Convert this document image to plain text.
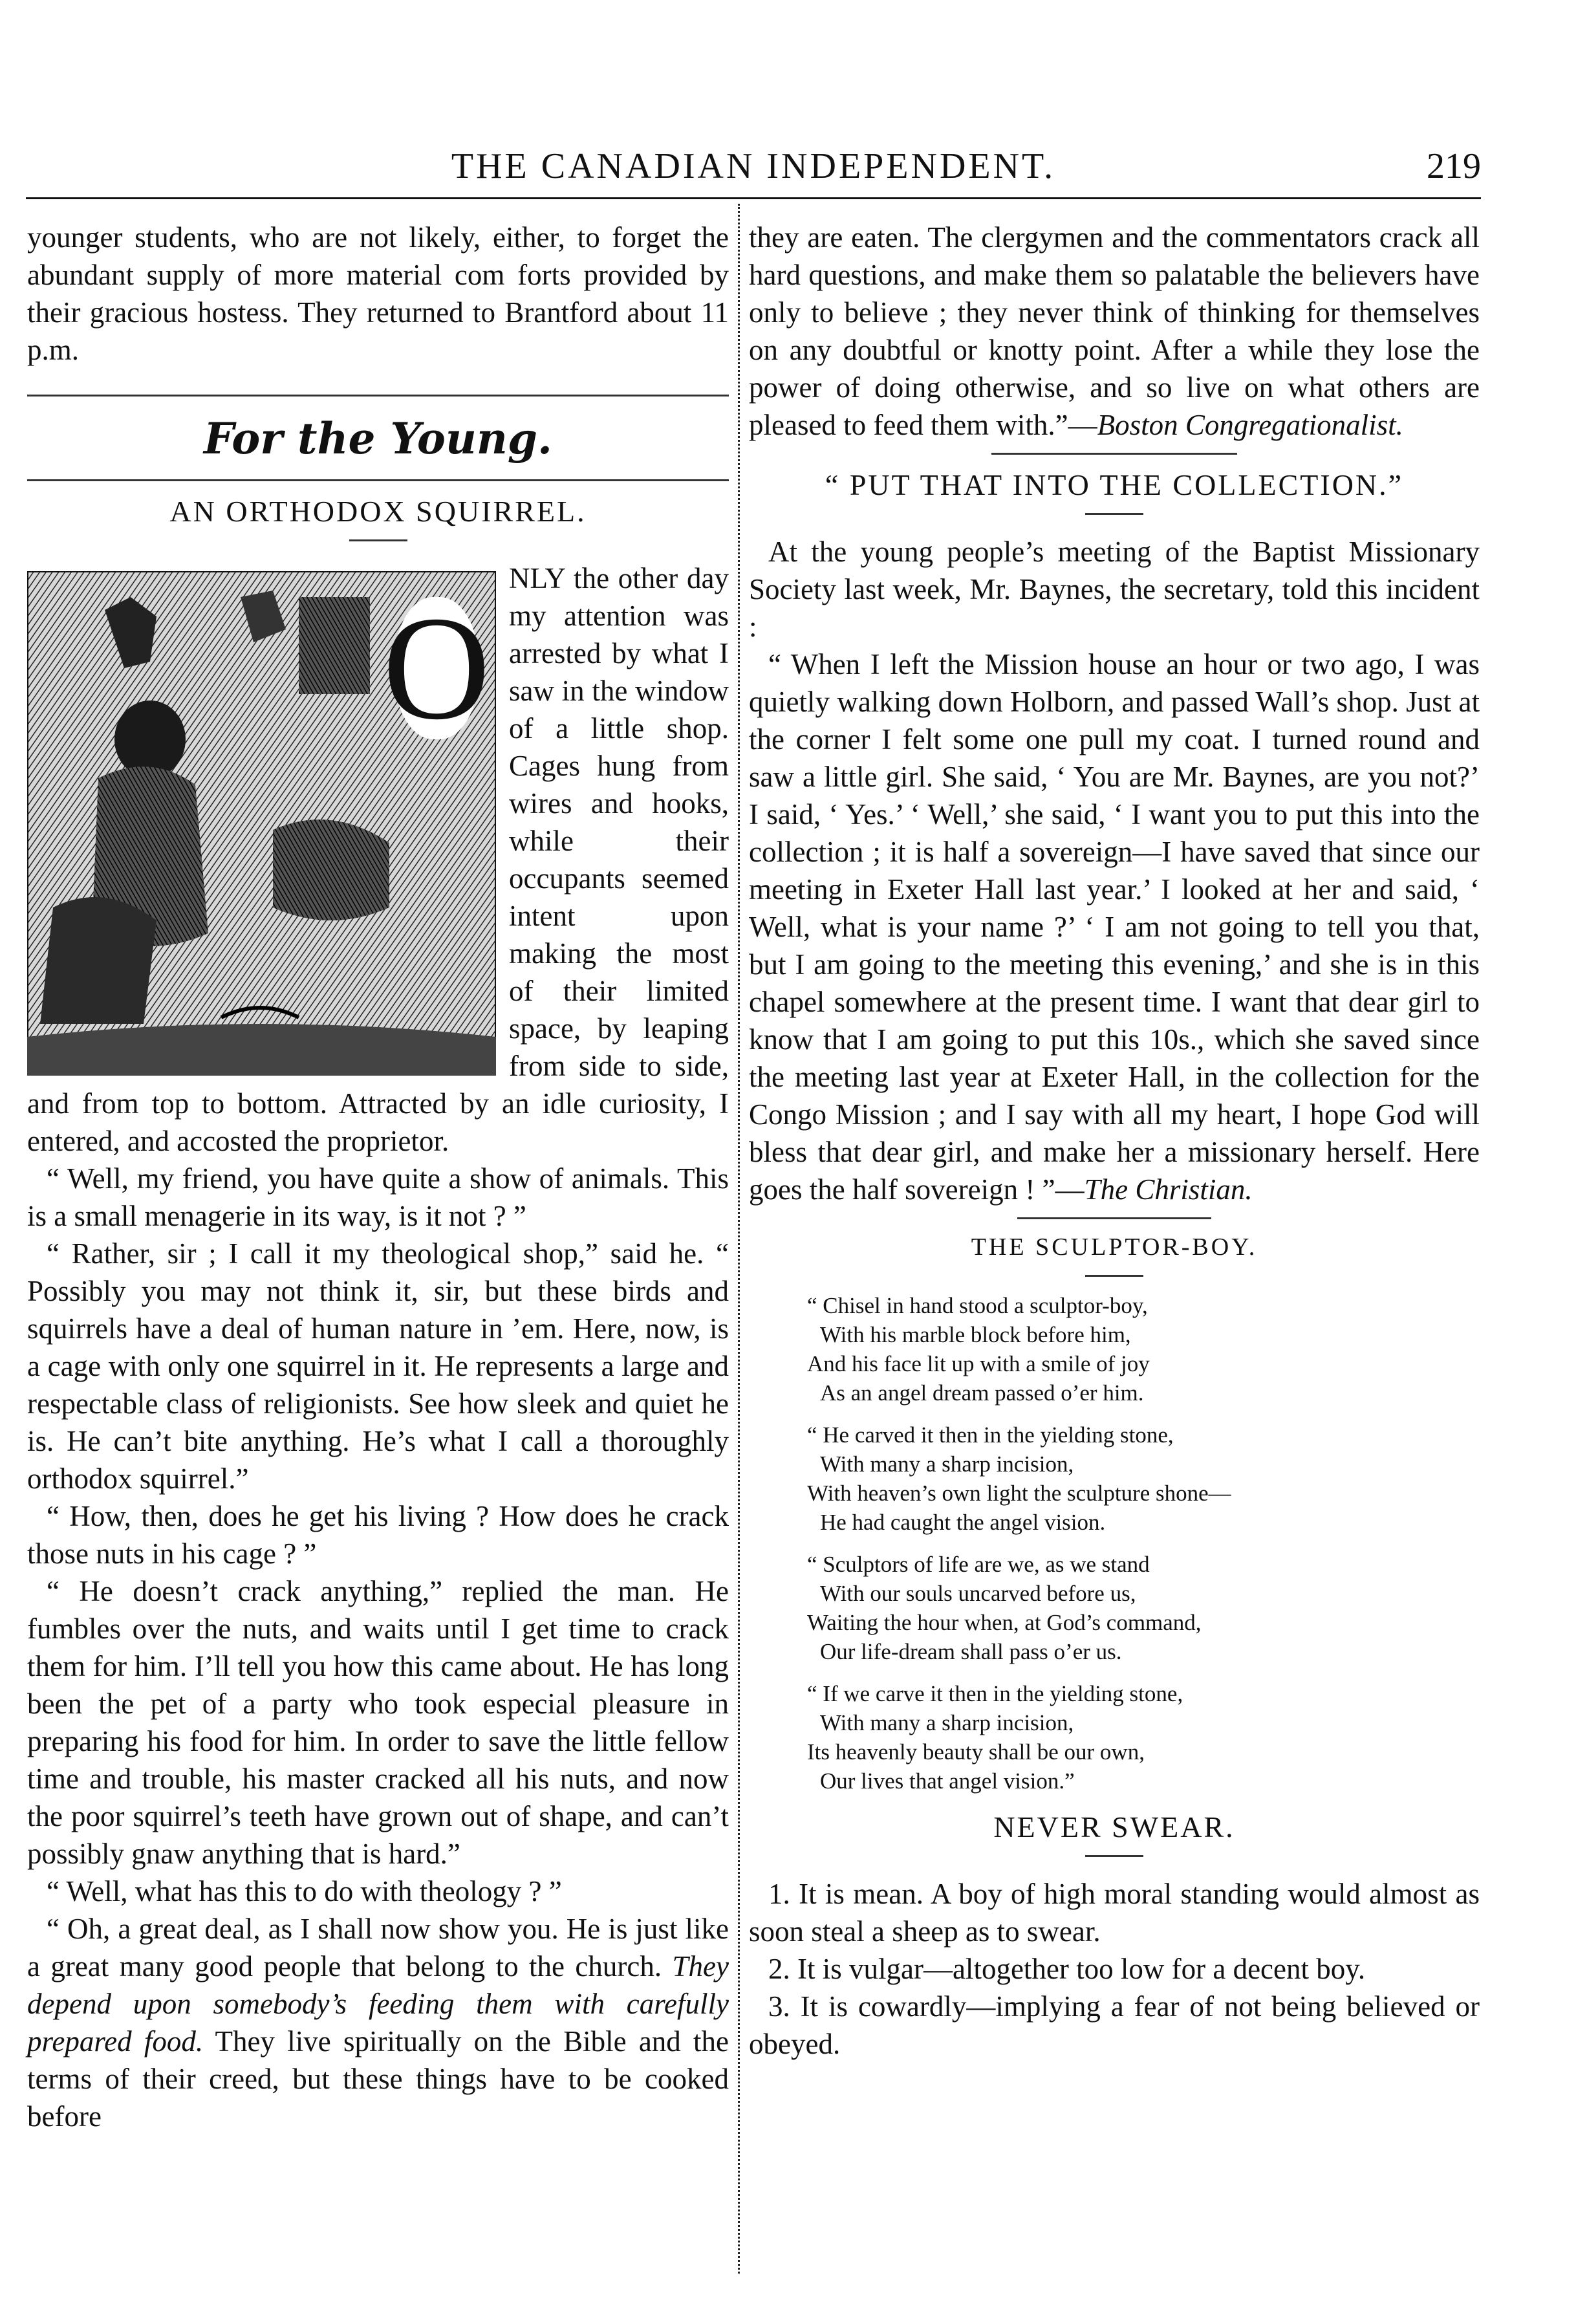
THE CANADIAN INDEPENDENT.	219

younger students, who are not likely, either, to forget the abundant supply of more material com forts provided by their gracious hostess. They returned to Brantford about 11 p.m.

For the Young.
AN ORTHODOX SQUIRREL.
O

NLY the other day my attention was arrested by what I saw in the window of a little shop. Cages hung from wires and hooks, while their occupants seemed intent upon making the most of their limited space, by leaping from side to side, and from top to bottom. Attracted by an idle curiosity, I entered, and accosted the proprietor.

“ Well, my friend, you have quite a show of animals. This is a small menagerie in its way, is it not ? ”

“ Rather, sir ; I call it my theological shop,” said he. “ Possibly you may not think it, sir, but these birds and squirrels have a deal of human nature in ’em. Here, now, is a cage with only one squirrel in it. He represents a large and respectable class of religionists. See how sleek and quiet he is. He can’t bite anything. He’s what I call a thoroughly orthodox squirrel.”

“ How, then, does he get his living ? How does he crack those nuts in his cage ? ”

“ He doesn’t crack anything,” replied the man. He fumbles over the nuts, and waits until I get time to crack them for him. I’ll tell you how this came about. He has long been the pet of a party who took especial pleasure in preparing his food for him. In order to save the little fellow time and trouble, his master cracked all his nuts, and now the poor squirrel’s teeth have grown out of shape, and can’t possibly gnaw anything that is hard.”

“ Well, what has this to do with theology ? ”

“ Oh, a great deal, as I shall now show you. He is just like a great many good people that belong to the church. They depend upon somebody’s feeding them with carefully prepared food. They live spiritually on the Bible and the terms of their creed, but these things have to be cooked before

they are eaten. The clergymen and the commentators crack all hard questions, and make them so palatable the believers have only to believe ; they never think of thinking for themselves on any doubtful or knotty point. After a while they lose the power of doing otherwise, and so live on what others are pleased to feed them with.”—Boston Congregationalist.

“ PUT THAT INTO THE COLLECTION.”

At the young people’s meeting of the Baptist Missionary Society last week, Mr. Baynes, the secretary, told this incident :

“ When I left the Mission house an hour or two ago, I was quietly walking down Holborn, and passed Wall’s shop. Just at the corner I felt some one pull my coat. I turned round and saw a little girl. She said, ‘ You are Mr. Baynes, are you not?’ I said, ‘ Yes.’ ‘ Well,’ she said, ‘ I want you to put this into the collection ; it is half a sovereign—I have saved that since our meeting in Exeter Hall last year.’ I looked at her and said, ‘ Well, what is your name ?’ ‘ I am not going to tell you that, but I am going to the meeting this evening,’ and she is in this chapel somewhere at the present time. I want that dear girl to know that I am going to put this 10s., which she saved since the meeting last year at Exeter Hall, in the collection for the Congo Mission ; and I say with all my heart, I hope God will bless that dear girl, and make her a missionary herself. Here goes the half sovereign ! ”—The Christian.

THE SCULPTOR-BOY.
“ Chisel in hand stood a sculptor-boy,
With his marble block before him,
And his face lit up with a smile of joy
As an angel dream passed o’er him.
“ He carved it then in the yielding stone,
With many a sharp incision,
With heaven’s own light the sculpture shone—
He had caught the angel vision.
“ Sculptors of life are we, as we stand
With our souls uncarved before us,
Waiting the hour when, at God’s command,
Our life-dream shall pass o’er us.
“ If we carve it then in the yielding stone,
With many a sharp incision,
Its heavenly beauty shall be our own,
Our lives that angel vision.”
NEVER SWEAR.

1. It is mean. A boy of high moral standing would almost as soon steal a sheep as to swear.

2. It is vulgar—altogether too low for a decent boy.

3. It is cowardly—implying a fear of not being believed or obeyed.
